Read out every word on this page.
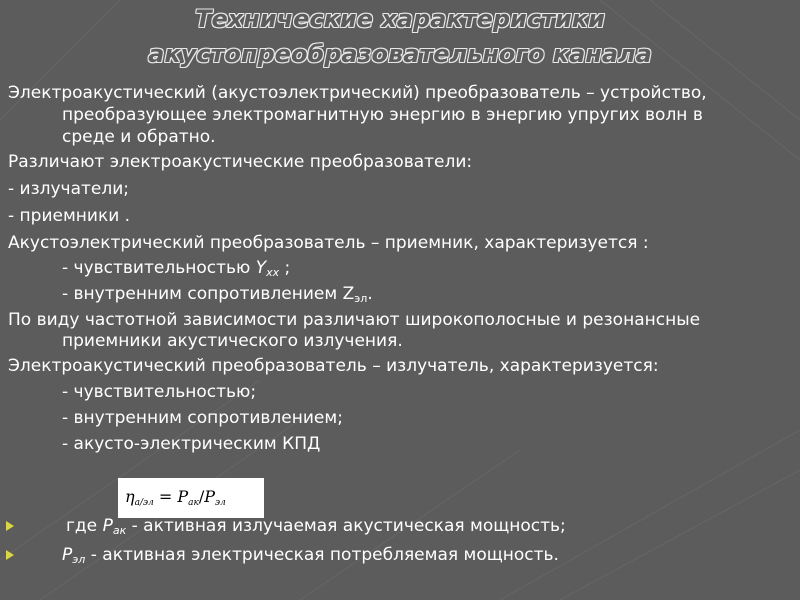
Технические характеристики
акустопреобразовательного канала
Электроакустический (акустоэлектрический) преобразователь – устройство,
преобразующее электромагнитную энергию в энергию упругих волн в
среде и обратно.
Различают электроакустические преобразователи:
- излучатели;
- приемники .
Акустоэлектрический преобразователь – приемник, характеризуется :
- чувствительностью Yxx ;
- внутренним сопротивлением Zэл.
По виду частотной зависимости различают широкополосные и резонансные
приемники акустического излучения.
Электроакустический преобразователь – излучатель, характеризуется:
- чувствительностью;
- внутренним сопротивлением;
- акусто-электрическим КПД
$\eta_{а/эл} = P_{ак}/P_{эл}$
где Pак - активная излучаемая акустическая мощность;
Pэл - активная электрическая потребляемая мощность.
